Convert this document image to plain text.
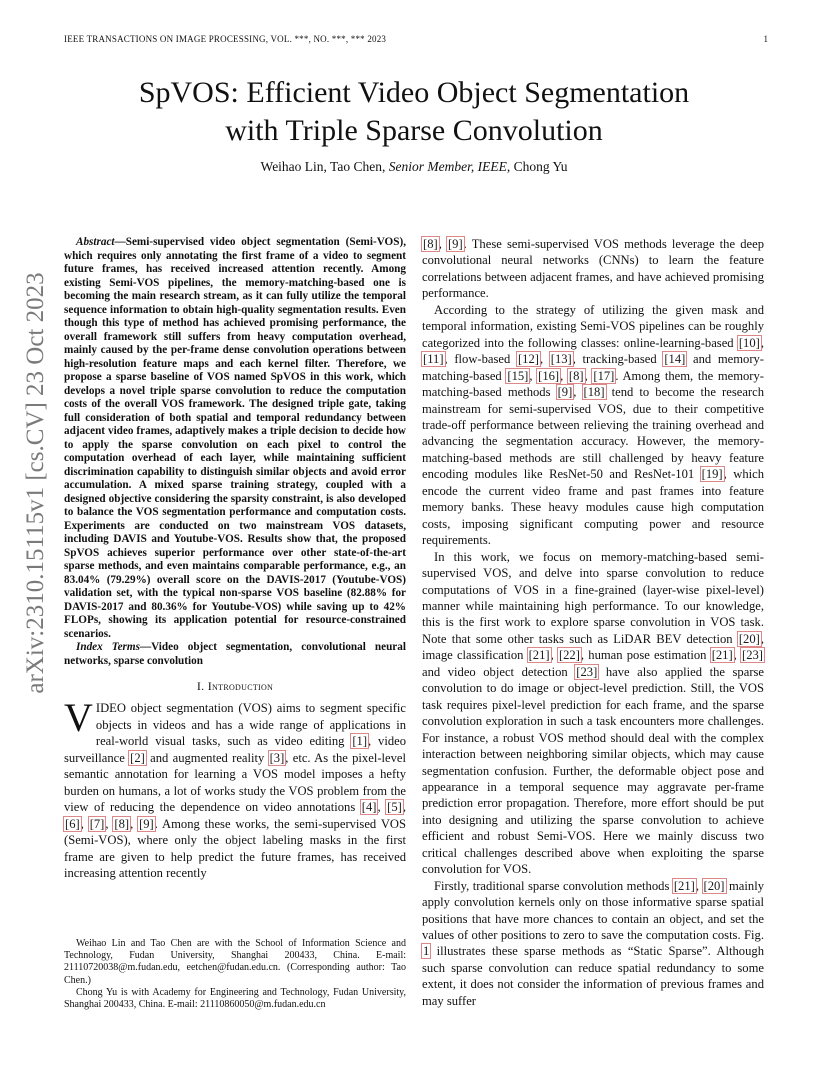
IEEE TRANSACTIONS ON IMAGE PROCESSING, VOL. ***, NO. ***, *** 2023	1
arXiv:2310.15115v1 [cs.CV] 23 Oct 2023
SpVOS: Efficient Video Object Segmentation
with Triple Sparse Convolution
Weihao Lin, Tao Chen, Senior Member, IEEE, Chong Yu

Abstract—Semi-supervised video object segmentation (Semi-VOS), which requires only annotating the first frame of a video to segment future frames, has received increased attention recently. Among existing Semi-VOS pipelines, the memory-matching-based one is becoming the main research stream, as it can fully utilize the temporal sequence information to obtain high-quality segmentation results. Even though this type of method has achieved promising performance, the overall framework still suffers from heavy computation overhead, mainly caused by the per-frame dense convolution operations between high-resolution feature maps and each kernel filter. Therefore, we propose a sparse baseline of VOS named SpVOS in this work, which develops a novel triple sparse convolution to reduce the computation costs of the overall VOS framework. The designed triple gate, taking full consideration of both spatial and temporal redundancy between adjacent video frames, adaptively makes a triple decision to decide how to apply the sparse convolution on each pixel to control the computation overhead of each layer, while maintaining sufficient discrimination capability to distinguish similar objects and avoid error accumulation. A mixed sparse training strategy, coupled with a designed objective considering the sparsity constraint, is also developed to balance the VOS segmentation performance and computation costs. Experiments are conducted on two mainstream VOS datasets, including DAVIS and Youtube-VOS. Results show that, the proposed SpVOS achieves superior performance over other state-of-the-art sparse methods, and even maintains comparable performance, e.g., an 83.04% (79.29%) overall score on the DAVIS-2017 (Youtube-VOS) validation set, with the typical non-sparse VOS baseline (82.88% for DAVIS-2017 and 80.36% for Youtube-VOS) while saving up to 42% FLOPs, showing its application potential for resource-constrained scenarios.

Index Terms—Video object segmentation, convolutional neural networks, sparse convolution

I. Introduction

VIDEO object segmentation (VOS) aims to segment specific objects in videos and has a wide range of applications in real-world visual tasks, such as video editing [1], video surveillance [2] and augmented reality [3], etc. As the pixel-level semantic annotation for learning a VOS model imposes a hefty burden on humans, a lot of works study the VOS problem from the view of reducing the dependence on video annotations [4], [5], [6], [7], [8], [9]. Among these works, the semi-supervised VOS (Semi-VOS), where only the object labeling masks in the first frame are given to help predict the future frames, has received increasing attention recently

Weihao Lin and Tao Chen are with the School of Information Science and Technology, Fudan University, Shanghai 200433, China. E-mail: 21110720038@m.fudan.edu, eetchen@fudan.edu.cn. (Corresponding author: Tao Chen.)

Chong Yu is with Academy for Engineering and Technology, Fudan University, Shanghai 200433, China. E-mail: 21110860050@m.fudan.edu.cn

[8], [9]. These semi-supervised VOS methods leverage the deep convolutional neural networks (CNNs) to learn the feature correlations between adjacent frames, and have achieved promising performance.

According to the strategy of utilizing the given mask and temporal information, existing Semi-VOS pipelines can be roughly categorized into the following classes: online-learning-based [10], [11], flow-based [12], [13], tracking-based [14] and memory-matching-based [15], [16], [8], [17]. Among them, the memory-matching-based methods [9], [18] tend to become the research mainstream for semi-supervised VOS, due to their competitive trade-off performance between relieving the training overhead and advancing the segmentation accuracy. However, the memory-matching-based methods are still challenged by heavy feature encoding modules like ResNet-50 and ResNet-101 [19], which encode the current video frame and past frames into feature memory banks. These heavy modules cause high computation costs, imposing significant computing power and resource requirements.

In this work, we focus on memory-matching-based semi-supervised VOS, and delve into sparse convolution to reduce computations of VOS in a fine-grained (layer-wise pixel-level) manner while maintaining high performance. To our knowledge, this is the first work to explore sparse convolution in VOS task. Note that some other tasks such as LiDAR BEV detection [20], image classification [21], [22], human pose estimation [21], [23] and video object detection [23] have also applied the sparse convolution to do image or object-level prediction. Still, the VOS task requires pixel-level prediction for each frame, and the sparse convolution exploration in such a task encounters more challenges. For instance, a robust VOS method should deal with the complex interaction between neighboring similar objects, which may cause segmentation confusion. Further, the deformable object pose and appearance in a temporal sequence may aggravate per-frame prediction error propagation. Therefore, more effort should be put into designing and utilizing the sparse convolution to achieve efficient and robust Semi-VOS. Here we mainly discuss two critical challenges described above when exploiting the sparse convolution for VOS.

Firstly, traditional sparse convolution methods [21], [20] mainly apply convolution kernels only on those informative sparse spatial positions that have more chances to contain an object, and set the values of other positions to zero to save the computation costs. Fig. 1 illustrates these sparse methods as “Static Sparse”. Although such sparse convolution can reduce spatial redundancy to some extent, it does not consider the information of previous frames and may suffer
